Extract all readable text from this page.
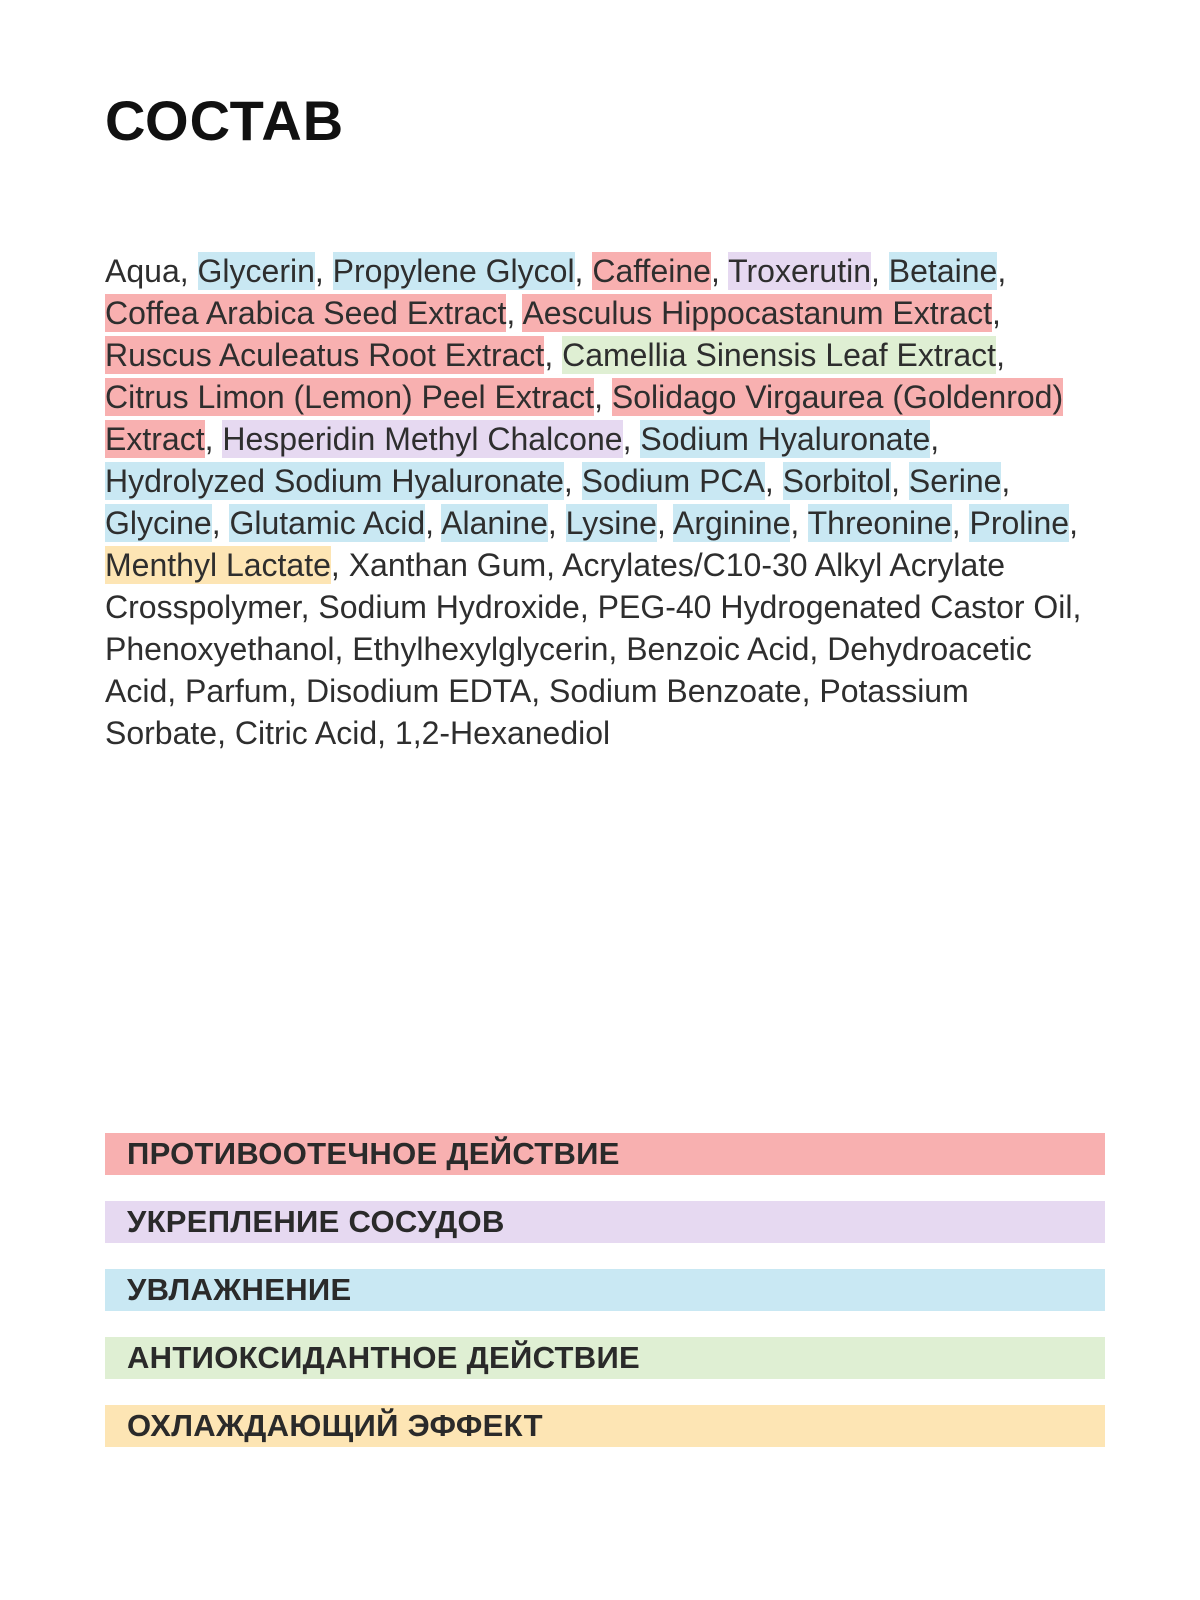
СОСТАВ

Aqua, Glycerin, Propylene Glycol, Caffeine, Troxerutin, Betaine, Coffea Arabica Seed Extract, Aesculus Hippocastanum Extract, Ruscus Aculeatus Root Extract, Camellia Sinensis Leaf Extract, Citrus Limon (Lemon) Peel Extract, Solidago Virgaurea (Goldenrod) Extract, Hesperidin Methyl Chalcone, Sodium Hyaluronate, Hydrolyzed Sodium Hyaluronate, Sodium PCA, Sorbitol, Serine, Glycine, Glutamic Acid, Alanine, Lysine, Arginine, Threonine, Proline, Menthyl Lactate, Xanthan Gum, Acrylates/C10-30 Alkyl Acrylate Crosspolymer, Sodium Hydroxide, PEG-40 Hydrogenated Castor Oil, Phenoxyethanol, Ethylhexylglycerin, Benzoic Acid, Dehydroacetic Acid, Parfum, Disodium EDTA, Sodium Benzoate, Potassium Sorbate, Citric Acid, 1,2-Hexanediol

ПРОТИВООТЕЧНОЕ ДЕЙСТВИЕ
УКРЕПЛЕНИЕ СОСУДОВ
УВЛАЖНЕНИЕ
АНТИОКСИДАНТНОЕ ДЕЙСТВИЕ
ОХЛАЖДАЮЩИЙ ЭФФЕКТ
